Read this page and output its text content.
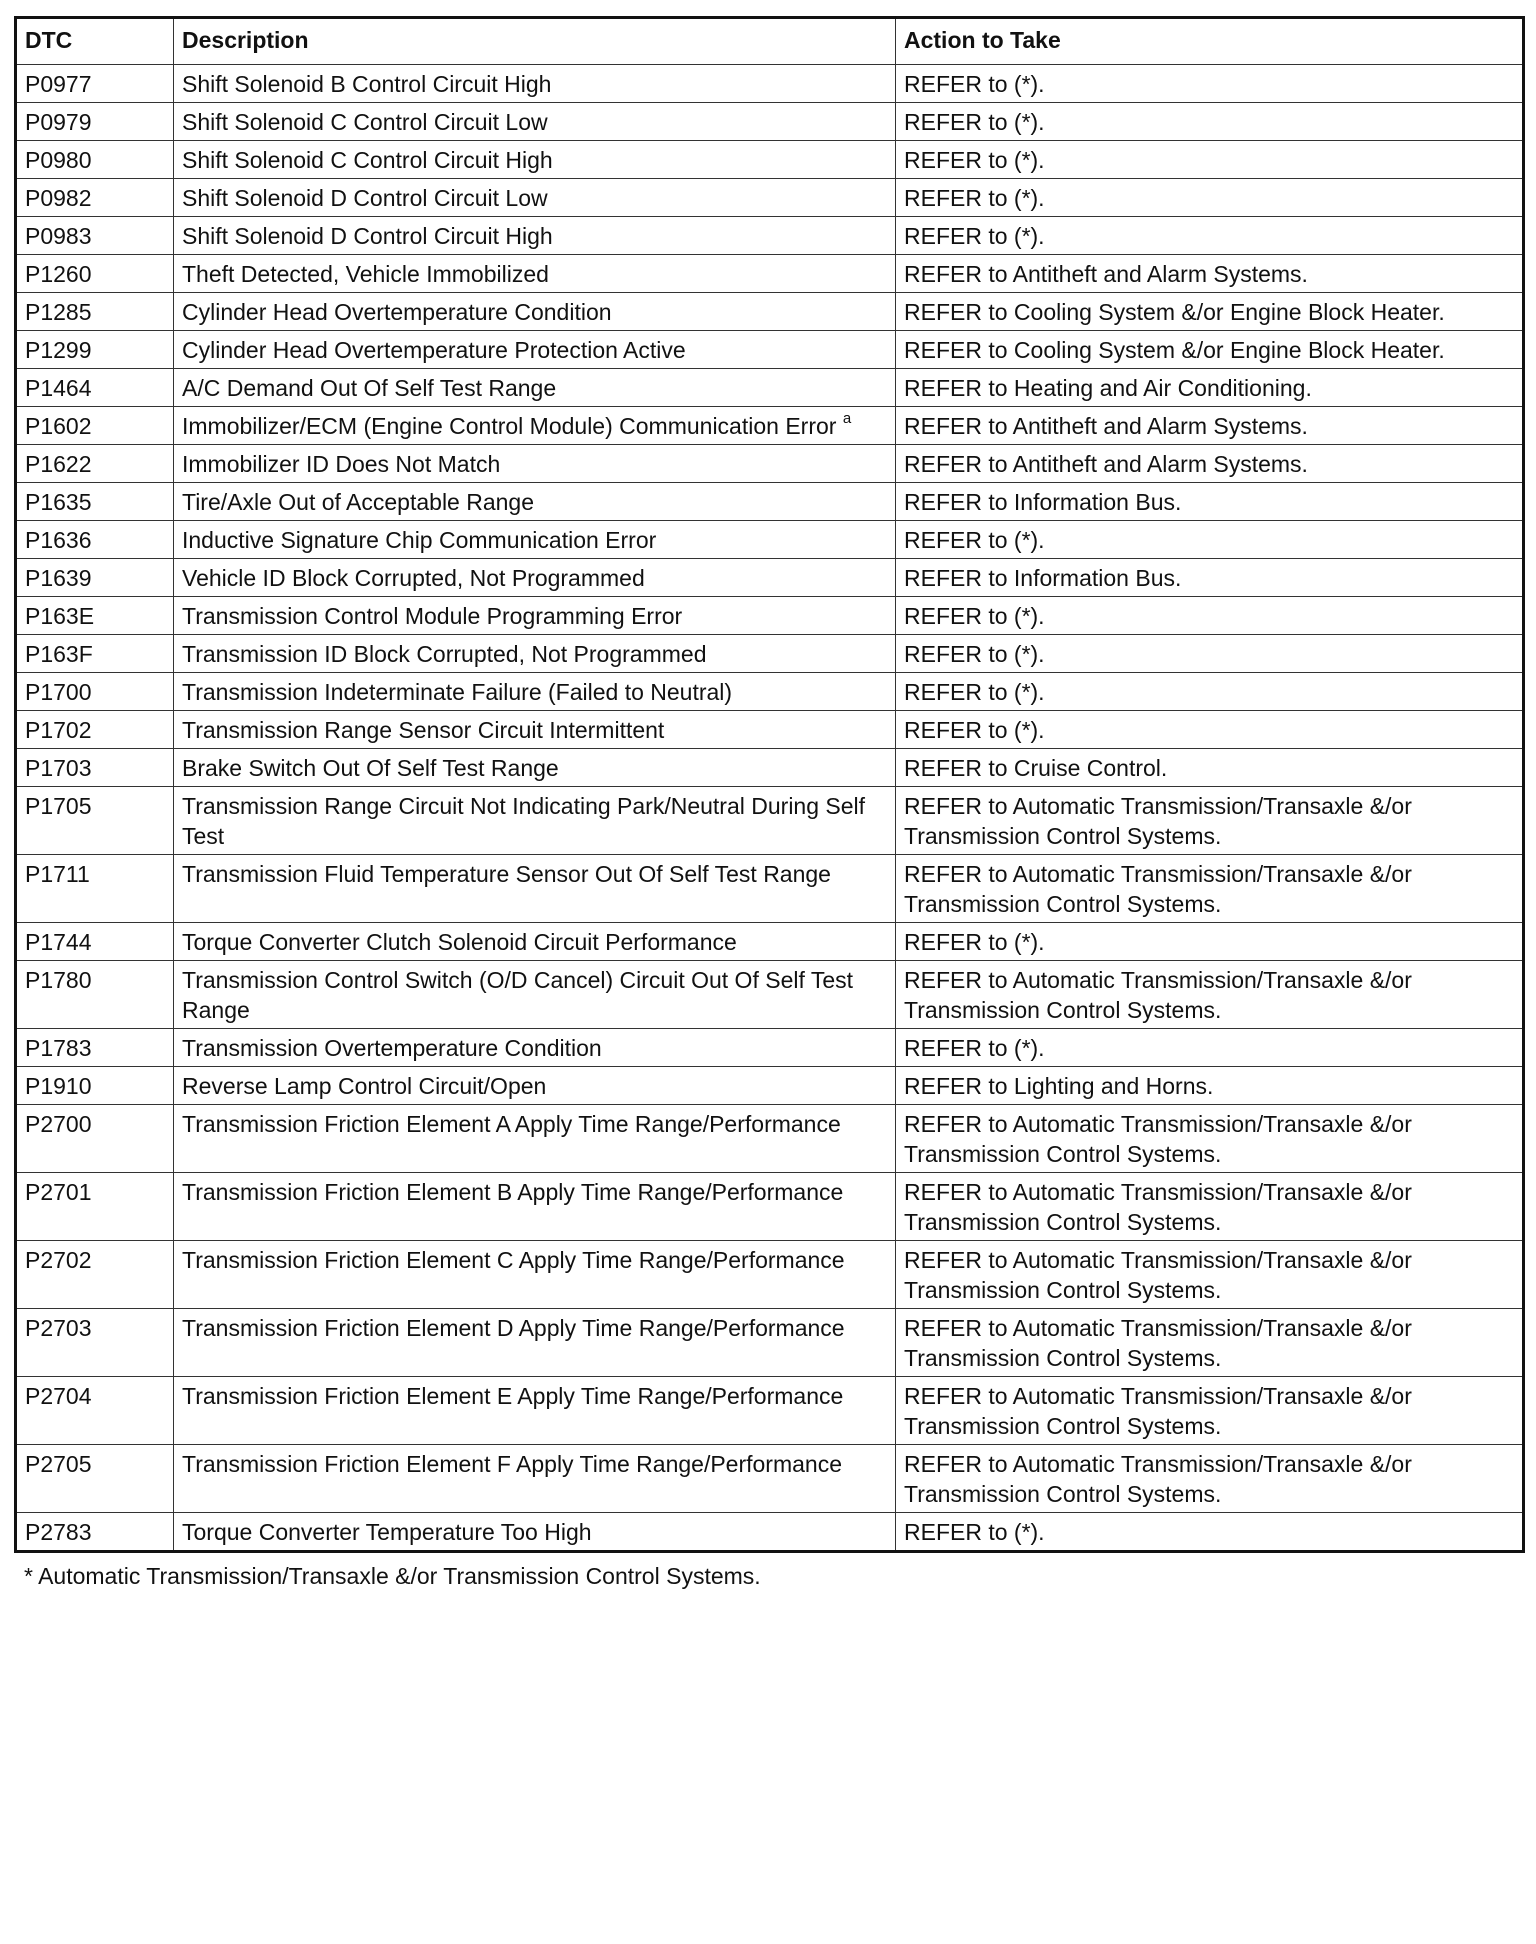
DTC	Description	Action to Take
P0977	Shift Solenoid B Control Circuit High	REFER to (*).
P0979	Shift Solenoid C Control Circuit Low	REFER to (*).
P0980	Shift Solenoid C Control Circuit High	REFER to (*).
P0982	Shift Solenoid D Control Circuit Low	REFER to (*).
P0983	Shift Solenoid D Control Circuit High	REFER to (*).
P1260	Theft Detected, Vehicle Immobilized	REFER to Antitheft and Alarm Systems.
P1285	Cylinder Head Overtemperature Condition	REFER to Cooling System &/or Engine Block Heater.
P1299	Cylinder Head Overtemperature Protection Active	REFER to Cooling System &/or Engine Block Heater.
P1464	A/C Demand Out Of Self Test Range	REFER to Heating and Air Conditioning.
P1602	Immobilizer/ECM (Engine Control Module) Communication Error $^a$	REFER to Antitheft and Alarm Systems.
P1622	Immobilizer ID Does Not Match	REFER to Antitheft and Alarm Systems.
P1635	Tire/Axle Out of Acceptable Range	REFER to Information Bus.
P1636	Inductive Signature Chip Communication Error	REFER to (*).
P1639	Vehicle ID Block Corrupted, Not Programmed	REFER to Information Bus.
P163E	Transmission Control Module Programming Error	REFER to (*).
P163F	Transmission ID Block Corrupted, Not Programmed	REFER to (*).
P1700	Transmission Indeterminate Failure (Failed to Neutral)	REFER to (*).
P1702	Transmission Range Sensor Circuit Intermittent	REFER to (*).
P1703	Brake Switch Out Of Self Test Range	REFER to Cruise Control.
P1705	Transmission Range Circuit Not Indicating Park/Neutral During Self Test	REFER to Automatic Transmission/Transaxle &/or Transmission Control Systems.
P1711	Transmission Fluid Temperature Sensor Out Of Self Test Range	REFER to Automatic Transmission/Transaxle &/or Transmission Control Systems.
P1744	Torque Converter Clutch Solenoid Circuit Performance	REFER to (*).
P1780	Transmission Control Switch (O/D Cancel) Circuit Out Of Self Test Range	REFER to Automatic Transmission/Transaxle &/or Transmission Control Systems.
P1783	Transmission Overtemperature Condition	REFER to (*).
P1910	Reverse Lamp Control Circuit/Open	REFER to Lighting and Horns.
P2700	Transmission Friction Element A Apply Time Range/Performance	REFER to Automatic Transmission/Transaxle &/or Transmission Control Systems.
P2701	Transmission Friction Element B Apply Time Range/Performance	REFER to Automatic Transmission/Transaxle &/or Transmission Control Systems.
P2702	Transmission Friction Element C Apply Time Range/Performance	REFER to Automatic Transmission/Transaxle &/or Transmission Control Systems.
P2703	Transmission Friction Element D Apply Time Range/Performance	REFER to Automatic Transmission/Transaxle &/or Transmission Control Systems.
P2704	Transmission Friction Element E Apply Time Range/Performance	REFER to Automatic Transmission/Transaxle &/or Transmission Control Systems.
P2705	Transmission Friction Element F Apply Time Range/Performance	REFER to Automatic Transmission/Transaxle &/or Transmission Control Systems.
P2783	Torque Converter Temperature Too High	REFER to (*).
* Automatic Transmission/Transaxle &/or Transmission Control Systems.
